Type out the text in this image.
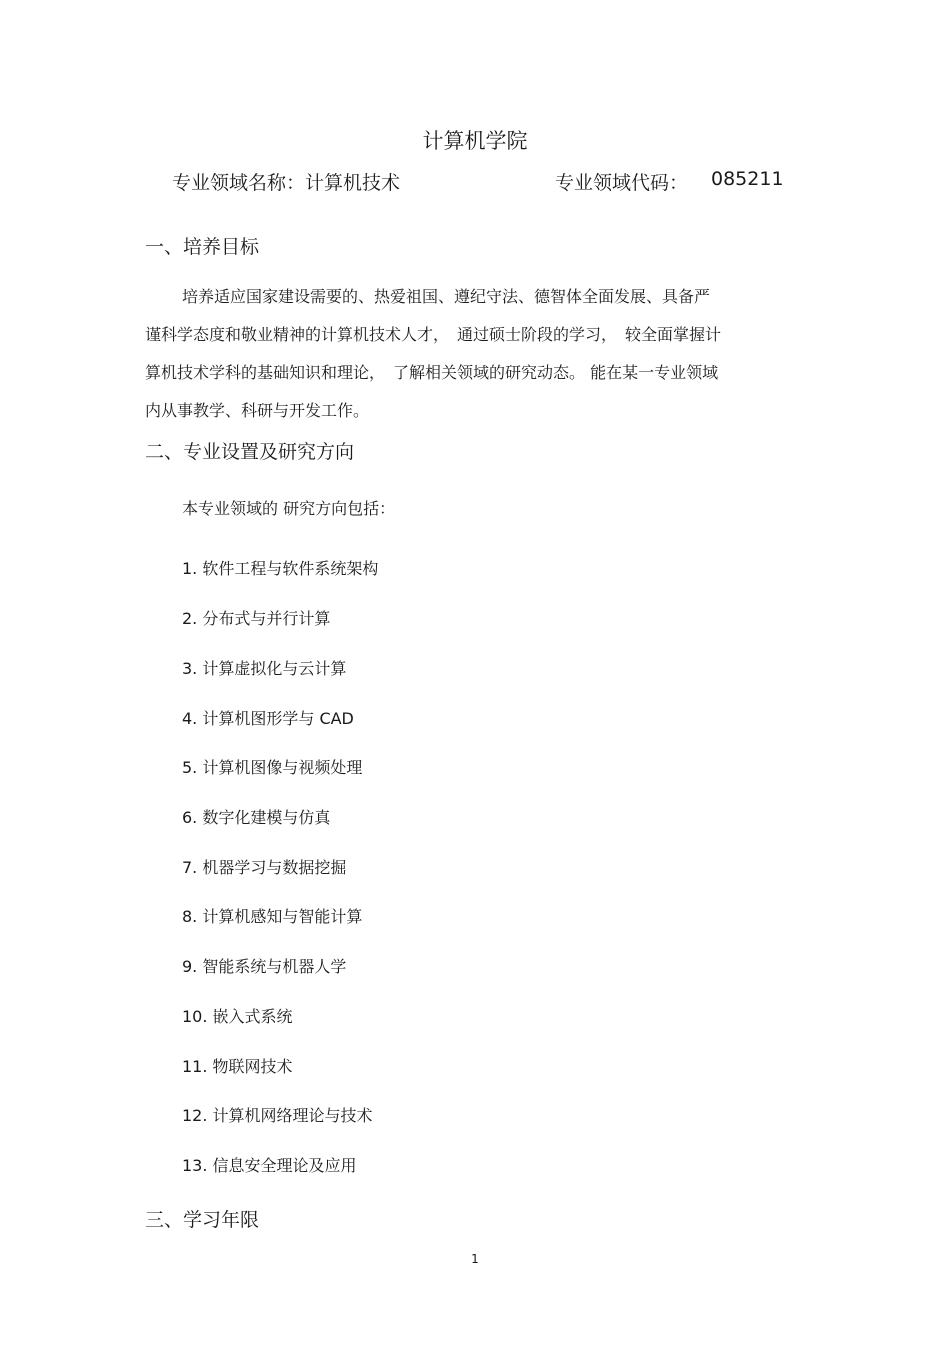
计算机学院
专业领域名称：计算机技术	专业领域代码： 085211
一、培养目标
培养适应国家建设需要的、热爱祖国、遵纪守法、德智体全面发展、具备严
谨科学态度和敬业精神的计算机技术人才，　通过硕士阶段的学习，　较全面掌握计
算机技术学科的基础知识和理论，　了解相关领域的研究动态。 能在某一专业领域
内从事教学、科研与开发工作。
二、专业设置及研究方向
本专业领域的 研究方向包括：
1. 软件工程与软件系统架构
2. 分布式与并行计算
3. 计算虚拟化与云计算
4. 计算机图形学与 CAD
5. 计算机图像与视频处理
6. 数字化建模与仿真
7. 机器学习与数据挖掘
8. 计算机感知与智能计算
9. 智能系统与机器人学
10. 嵌入式系统
11. 物联网技术
12. 计算机网络理论与技术
13. 信息安全理论及应用
三、学习年限
1
